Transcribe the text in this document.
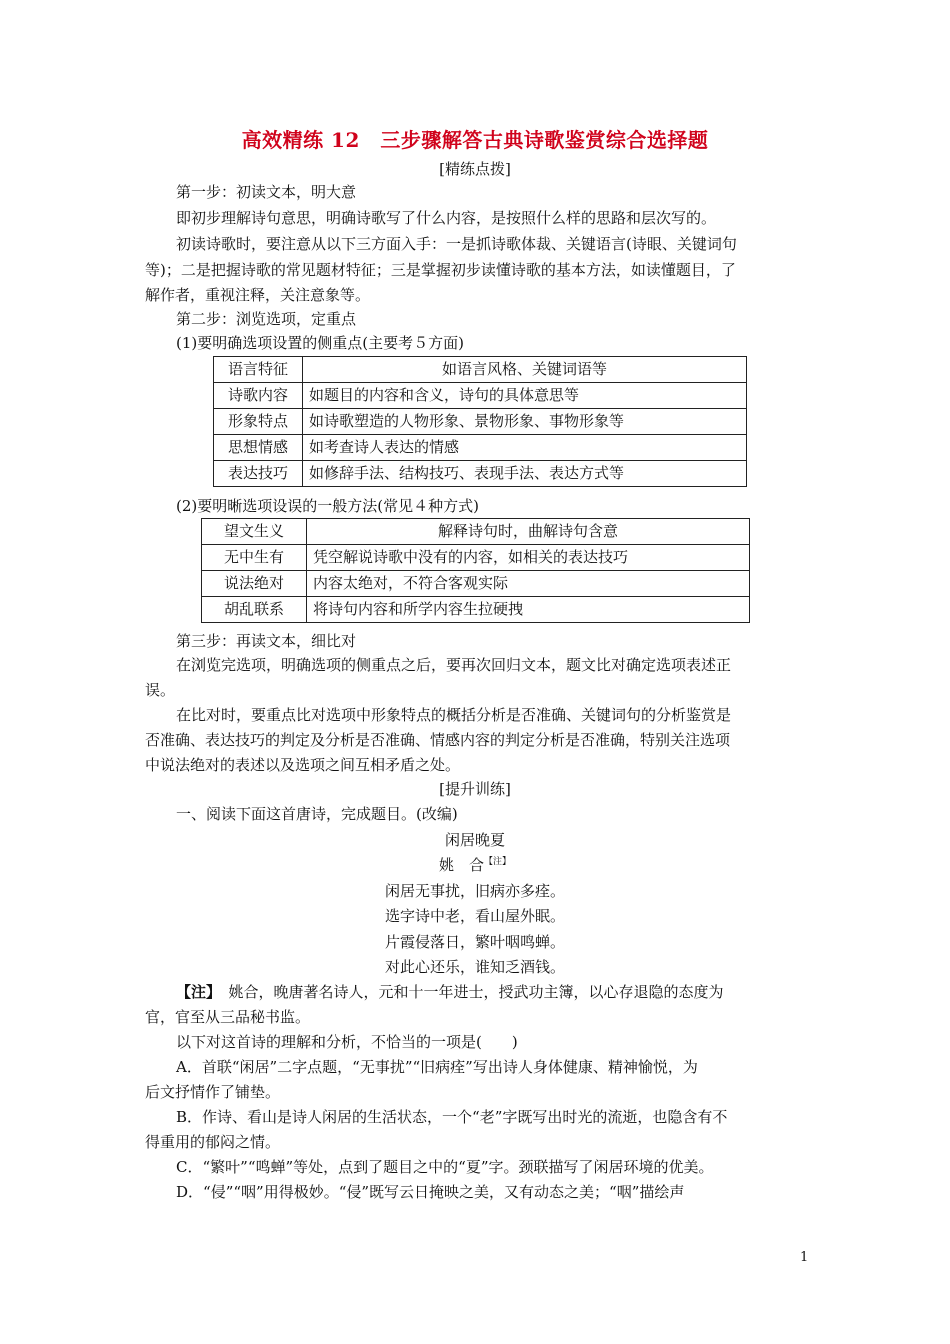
高效精练 12　三步骤解答古典诗歌鉴赏综合选择题
[精练点拨]
第一步：初读文本，明大意
即初步理解诗句意思，明确诗歌写了什么内容，是按照什么样的思路和层次写的。
初读诗歌时，要注意从以下三方面入手：一是抓诗歌体裁、关键语言(诗眼、关键词句
等)；二是把握诗歌的常见题材特征；三是掌握初步读懂诗歌的基本方法，如读懂题目，了
解作者，重视注释，关注意象等。
第二步：浏览选项，定重点
(1)要明确选项设置的侧重点(主要考５方面)
语言特征	如语言风格、关键词语等
诗歌内容	如题目的内容和含义，诗句的具体意思等
形象特点	如诗歌塑造的人物形象、景物形象、事物形象等
思想情感	如考查诗人表达的情感
表达技巧	如修辞手法、结构技巧、表现手法、表达方式等
(2)要明晰选项设误的一般方法(常见４种方式)
望文生义	解释诗句时，曲解诗句含意
无中生有	凭空解说诗歌中没有的内容，如相关的表达技巧
说法绝对	内容太绝对，不符合客观实际
胡乱联系	将诗句内容和所学内容生拉硬拽
第三步：再读文本，细比对
在浏览完选项，明确选项的侧重点之后，要再次回归文本，题文比对确定选项表述正
误。
在比对时，要重点比对选项中形象特点的概括分析是否准确、关键词句的分析鉴赏是
否准确、表达技巧的判定及分析是否准确、情感内容的判定分析是否准确，特别关注选项
中说法绝对的表述以及选项之间互相矛盾之处。
[提升训练]
一、阅读下面这首唐诗，完成题目。(改编)
闲居晚夏
姚　合$^{【注】}$
闲居无事扰，旧病亦多痊。
选字诗中老，看山屋外眠。
片霞侵落日，繁叶咽鸣蝉。
对此心还乐，谁知乏酒钱。
【注】　姚合，晚唐著名诗人，元和十一年进士，授武功主簿，以心存退隐的态度为
官，官至从三品秘书监。
以下对这首诗的理解和分析，不恰当的一项是(　　)
A．首联“闲居”二字点题，“无事扰”“旧病痊”写出诗人身体健康、精神愉悦，为
后文抒情作了铺垫。
B．作诗、看山是诗人闲居的生活状态，一个“老”字既写出时光的流逝，也隐含有不
得重用的郁闷之情。
C．“繁叶”“鸣蝉”等处，点到了题目之中的“夏”字。颈联描写了闲居环境的优美。
D．“侵”“咽”用得极妙。“侵”既写云日掩映之美，又有动态之美；“咽”描绘声
1
